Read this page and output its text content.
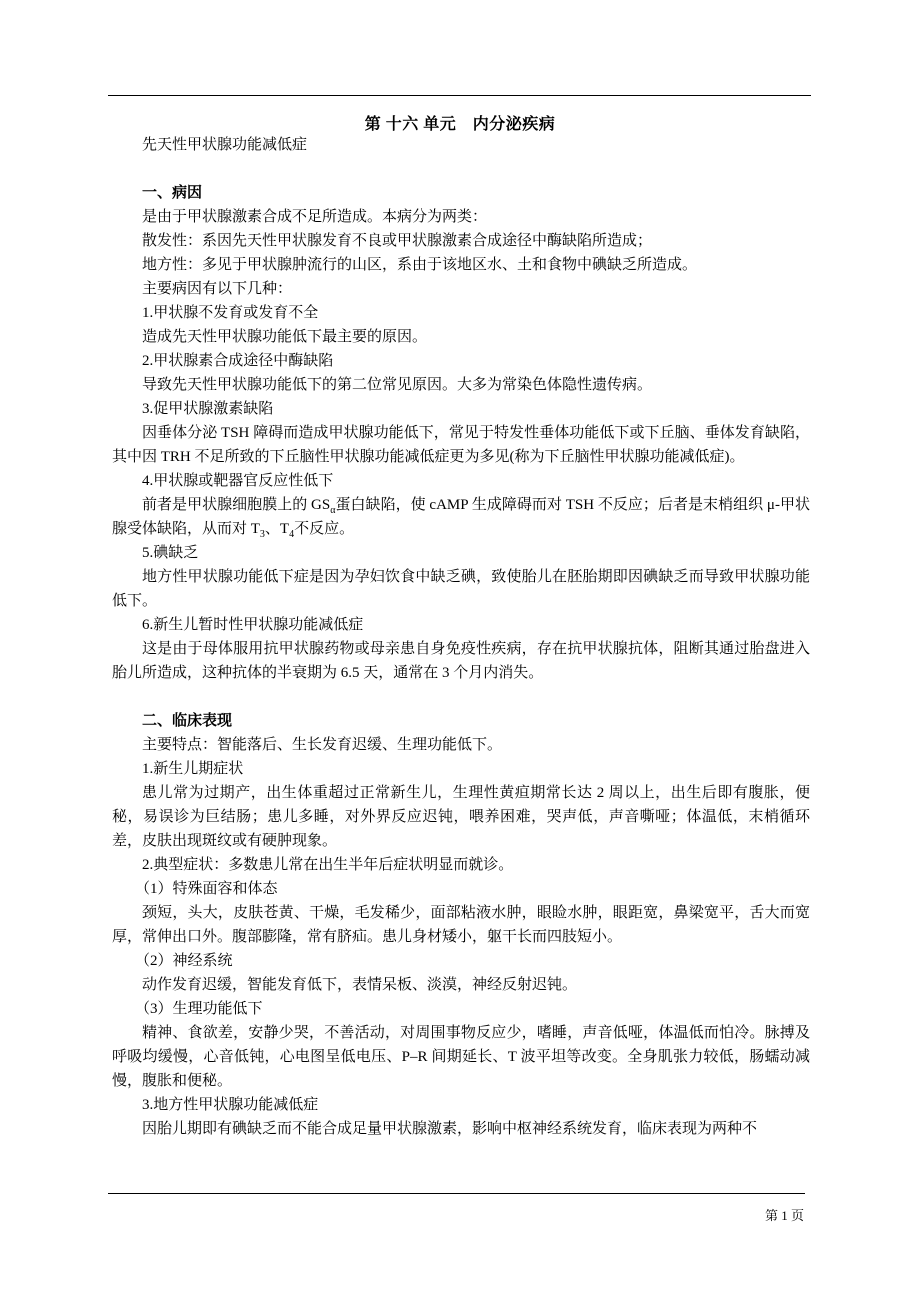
第 十六 单元　内分泌疾病

先天性甲状腺功能减低症

一、病因

是由于甲状腺激素合成不足所造成。本病分为两类：

散发性：系因先天性甲状腺发育不良或甲状腺激素合成途径中酶缺陷所造成；

地方性：多见于甲状腺肿流行的山区，系由于该地区水、土和食物中碘缺乏所造成。

主要病因有以下几种：

1.甲状腺不发育或发育不全

造成先天性甲状腺功能低下最主要的原因。

2.甲状腺素合成途径中酶缺陷

导致先天性甲状腺功能低下的第二位常见原因。大多为常染色体隐性遗传病。

3.促甲状腺激素缺陷

因垂体分泌 TSH 障碍而造成甲状腺功能低下，常见于特发性垂体功能低下或下丘脑、垂体发育缺陷，其中因 TRH 不足所致的下丘脑性甲状腺功能减低症更为多见(称为下丘脑性甲状腺功能减低症)。

4.甲状腺或靶器官反应性低下

前者是甲状腺细胞膜上的 $GS_\alpha$蛋白缺陷，使 cAMP 生成障碍而对 TSH 不反应；后者是末梢组织 μ-甲状腺受体缺陷，从而对 $T_3$、$T_4$不反应。

5.碘缺乏

地方性甲状腺功能低下症是因为孕妇饮食中缺乏碘，致使胎儿在胚胎期即因碘缺乏而导致甲状腺功能低下。

6.新生儿暂时性甲状腺功能减低症

这是由于母体服用抗甲状腺药物或母亲患自身免疫性疾病，存在抗甲状腺抗体，阻断其通过胎盘进入胎儿所造成，这种抗体的半衰期为 6.5 天，通常在 3 个月内消失。

二、临床表现

主要特点：智能落后、生长发育迟缓、生理功能低下。

1.新生儿期症状

患儿常为过期产，出生体重超过正常新生儿，生理性黄疸期常长达 2 周以上，出生后即有腹胀，便秘，易误诊为巨结肠；患儿多睡，对外界反应迟钝，喂养困难，哭声低，声音嘶哑；体温低，末梢循环差，皮肤出现斑纹或有硬肿现象。

2.典型症状：多数患儿常在出生半年后症状明显而就诊。

（1）特殊面容和体态

颈短，头大，皮肤苍黄、干燥，毛发稀少，面部粘液水肿，眼睑水肿，眼距宽，鼻梁宽平，舌大而宽厚，常伸出口外。腹部膨隆，常有脐疝。患儿身材矮小，躯干长而四肢短小。

（2）神经系统

动作发育迟缓，智能发育低下，表情呆板、淡漠，神经反射迟钝。

（3）生理功能低下

精神、食欲差，安静少哭，不善活动，对周围事物反应少，嗜睡，声音低哑，体温低而怕冷。脉搏及呼吸均缓慢，心音低钝，心电图呈低电压、P–R 间期延长、T 波平坦等改变。全身肌张力较低，肠蠕动减慢，腹胀和便秘。

3.地方性甲状腺功能减低症

因胎儿期即有碘缺乏而不能合成足量甲状腺激素，影响中枢神经系统发育，临床表现为两种不

第 1 页
